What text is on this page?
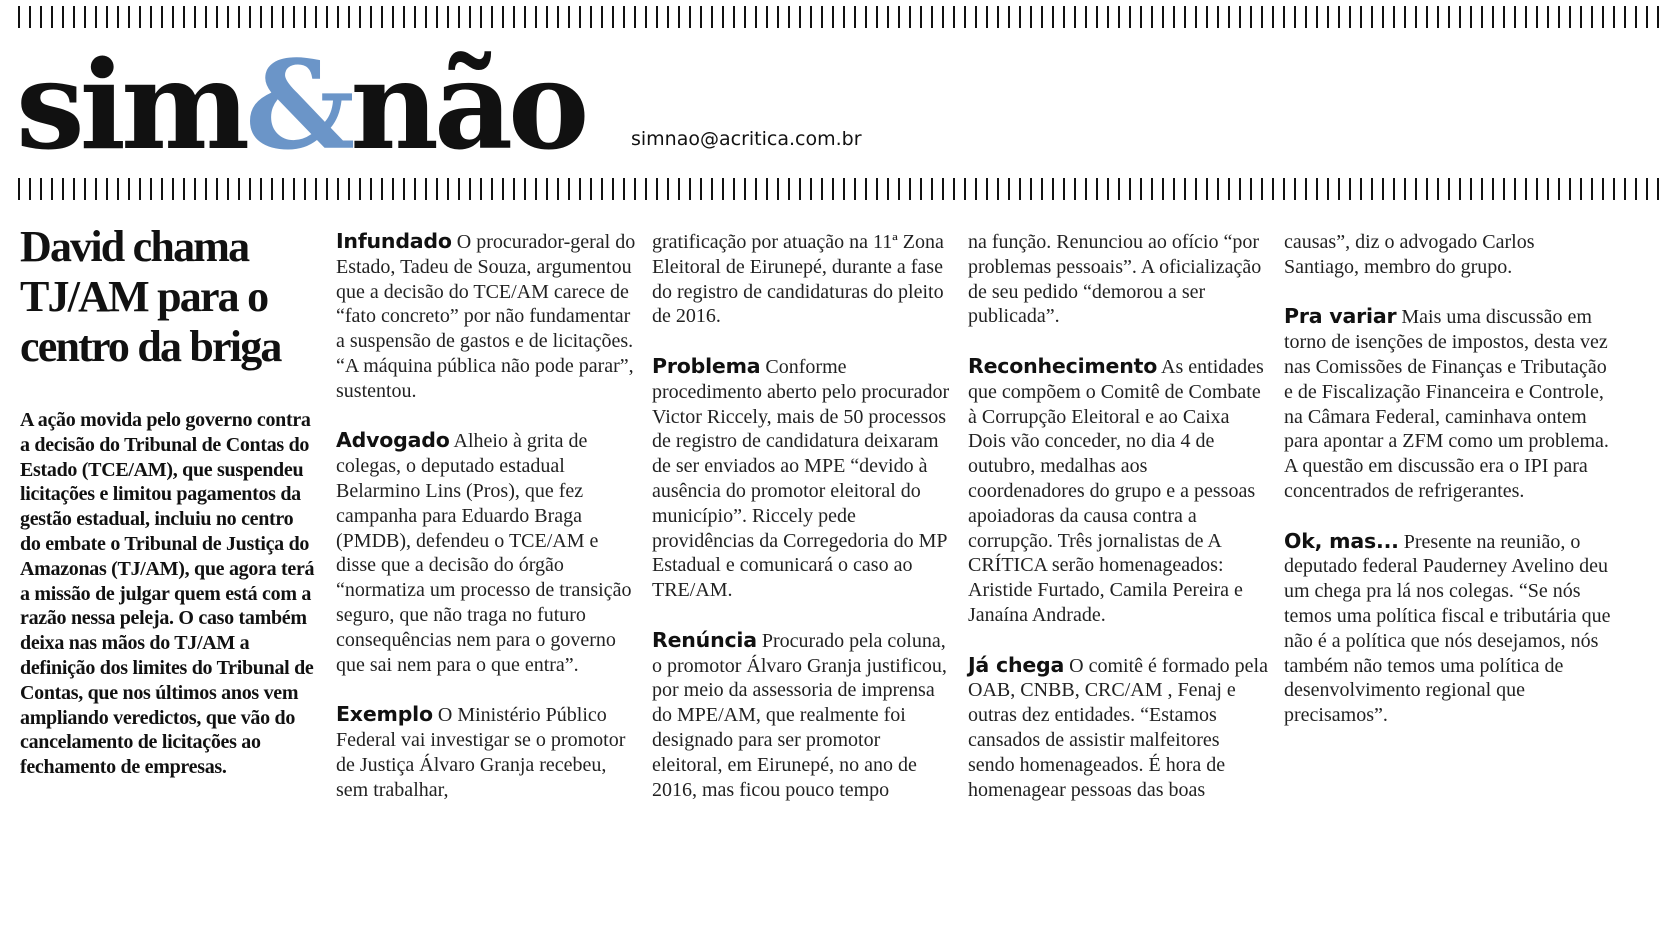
sim&não simnao@acritica.com.br
David chama TJ/AM para o centro da briga
A ação movida pelo governo contra a decisão do Tribunal de Contas do Estado (TCE/AM), que suspendeu licitações e limitou pagamentos da gestão estadual, incluiu no centro do embate o Tribunal de Justiça do Amazonas (TJ/AM), que agora terá a missão de julgar quem está com a razão nessa peleja. O caso também deixa nas mãos do TJ/AM a definição dos limites do Tribunal de Contas, que nos últimos anos vem ampliando veredictos, que vão do cancelamento de licitações ao fechamento de empresas.

Infundado O procurador-geral do Estado, Tadeu de Souza, argumentou que a decisão do TCE/AM carece de “fato concreto” por não fundamentar a suspensão de gastos e de licitações. “A máquina pública não pode parar”, sustentou.

Advogado Alheio à grita de colegas, o deputado estadual Belarmino Lins (Pros), que fez campanha para Eduardo Braga (PMDB), defendeu o TCE/AM e disse que a decisão do órgão “normatiza um processo de transição seguro, que não traga no futuro consequências nem para o governo que sai nem para o que entra”.

Exemplo O Ministério Público Federal vai investigar se o promotor de Justiça Álvaro Granja recebeu, sem trabalhar,

gratificação por atuação na 11ª Zona Eleitoral de Eirunepé, durante a fase do registro de candidaturas do pleito de 2016.

Problema Conforme procedimento aberto pelo procurador Victor Riccely, mais de 50 processos de registro de candidatura deixaram de ser enviados ao MPE “devido à ausência do promotor eleitoral do município”. Riccely pede providências da Corregedoria do MP Estadual e comunicará o caso ao TRE/AM.

Renúncia Procurado pela coluna, o promotor Álvaro Granja justificou, por meio da assessoria de imprensa do MPE/AM, que realmente foi designado para ser promotor eleitoral, em Eirunepé, no ano de 2016, mas ficou pouco tempo

na função. Renunciou ao ofício “por problemas pessoais”. A oficialização de seu pedido “demorou a ser publicada”.

Reconhecimento As entidades que compõem o Comitê de Combate à Corrupção Eleitoral e ao Caixa Dois vão conceder, no dia 4 de outubro, medalhas aos coordenadores do grupo e a pessoas apoiadoras da causa contra a corrupção. Três jornalistas de A CRÍTICA serão homenageados: Aristide Furtado, Camila Pereira e Janaína Andrade.

Já chega O comitê é formado pela OAB, CNBB, CRC/AM , Fenaj e outras dez entidades. “Estamos cansados de assistir malfeitores sendo homenageados. É hora de homenagear pessoas das boas

causas”, diz o advogado Carlos Santiago, membro do grupo.

Pra variar Mais uma discussão em torno de isenções de impostos, desta vez nas Comissões de Finanças e Tributação e de Fiscalização Financeira e Controle, na Câmara Federal, caminhava ontem para apontar a ZFM como um problema. A questão em discussão era o IPI para concentrados de refrigerantes.

Ok, mas... Presente na reunião, o deputado federal Pauderney Avelino deu um chega pra lá nos colegas. “Se nós temos uma política fiscal e tributária que não é a política que nós desejamos, nós também não temos uma política de desenvolvimento regional que precisamos”.
